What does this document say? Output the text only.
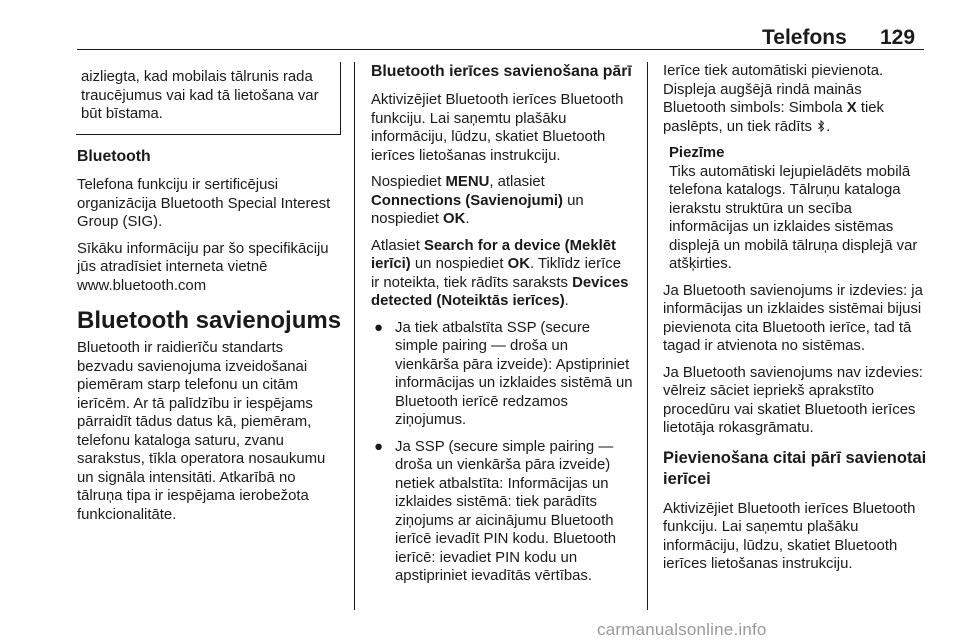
Telefons 129

aizliegta, kad mobilais tālrunis rada traucējumus vai kad tā lietošana var būt bīstama.

Bluetooth

Telefona funkciju ir sertificējusi organizācija Bluetooth Special Interest Group (SIG).

Sīkāku informāciju par šo specifikāciju jūs atradīsiet interneta vietnē www.bluetooth.com

Bluetooth savienojums

Bluetooth ir raidierīču standarts bezvadu savienojuma izveidošanai piemēram starp telefonu un citām ierīcēm. Ar tā palīdzību ir iespējams pārraidīt tādus datus kā, piemēram, telefonu kataloga saturu, zvanu sarakstus, tīkla operatora nosaukumu un signāla intensitāti. Atkarībā no tālruņa tipa ir iespējama ierobežota funkcionalitāte.

Bluetooth ierīces savienošana pārī

Aktivizējiet Bluetooth ierīces Bluetooth funkciju. Lai saņemtu plašāku informāciju, lūdzu, skatiet Bluetooth ierīces lietošanas instrukciju.

Nospiediet MENU, atlasiet Connections (Savienojumi) un nospiediet OK.

Atlasiet Search for a device (Meklēt ierīci) un nospiediet OK. Tiklīdz ierīce ir noteikta, tiek rādīts saraksts Devices detected (Noteiktās ierīces).

● Ja tiek atbalstīta SSP (secure simple pairing — droša un vienkārša pāra izveide): Apstipriniet informācijas un izklaides sistēmā un Bluetooth ierīcē redzamos ziņojumus.

● Ja SSP (secure simple pairing — droša un vienkārša pāra izveide) netiek atbalstīta: Informācijas un izklaides sistēmā: tiek parādīts ziņojums ar aicinājumu Bluetooth ierīcē ievadīt PIN kodu. Bluetooth ierīcē: ievadiet PIN kodu un apstipriniet ievadītās vērtības.

Ierīce tiek automātiski pievienota. Displeja augšējā rindā mainās Bluetooth simbols: Simbola X tiek paslēpts, un tiek rādīts .

Piezīme

Tiks automātiski lejupielādēts mobilā telefona katalogs. Tālruņu kataloga ierakstu struktūra un secība informācijas un izklaides sistēmas displejā un mobilā tālruņa displejā var atšķirties.

Ja Bluetooth savienojums ir izdevies: ja informācijas un izklaides sistēmai bijusi pievienota cita Bluetooth ierīce, tad tā tagad ir atvienota no sistēmas.

Ja Bluetooth savienojums nav izdevies: vēlreiz sāciet iepriekš aprakstīto procedūru vai skatiet Bluetooth ierīces lietotāja rokasgrāmatu.

Pievienošana citai pārī savienotai ierīcei

Aktivizējiet Bluetooth ierīces Bluetooth funkciju. Lai saņemtu plašāku informāciju, lūdzu, skatiet Bluetooth ierīces lietošanas instrukciju.

carmanualsonline.info
